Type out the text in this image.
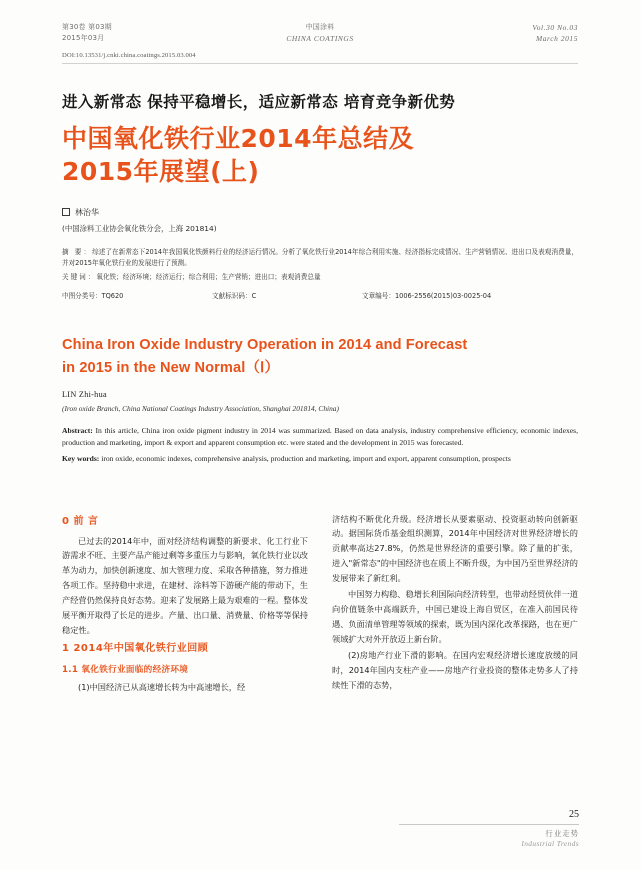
第30卷 第03期
2015年03月
中国涂料
CHINA COATINGS
Vol.30 No.03
March 2015
DOI:10.13531/j.cnki.china.coatings.2015.03.004
进入新常态 保持平稳增长，适应新常态 培育竞争新优势
中国氧化铁行业2014年总结及
2015年展望(上)
林治华
(中国涂料工业协会氧化铁分会，上海 201814)

摘 要：综述了在新常态下2014年我国氧化铁颜料行业的经济运行情况。分析了氧化铁行业2014年综合利用实施、经济指标完成情况、生产营销情况、进出口及表观消费量，并对2015年氧化铁行业的发展进行了预测。

关键词：氧化铁；经济环境；经济运行；综合利用；生产营销；进出口；表观消费总量

中图分类号：TQ620	文献标识码：C	文章编号：1006-2556(2015)03-0025-04
China Iron Oxide Industry Operation in 2014 and Forecast
in 2015 in the New Normal（Ⅰ）
LIN Zhi-hua
(Iron oxide Branch, China National Coatings Industry Association, Shanghai 201814, China)
Abstract: In this article, China iron oxide pigment industry in 2014 was summarized. Based on data analysis, industry comprehensive efficiency, economic indexes, production and marketing, import & export and apparent consumption etc. were stated and the development in 2015 was forecasted.
Key words: iron oxide, economic indexes, comprehensive analysis, production and marketing, import and export, apparent consumption, prospects
0 前 言

已过去的2014年中，面对经济结构调整的新要求、化工行业下游需求不旺、主要产品产能过剩等多重压力与影响，氧化铁行业以改革为动力，加快创新速度、加大管理力度、采取各种措施，努力推进各项工作。坚持稳中求进，在建材、涂料等下游硬产能的带动下，生产经营仍然保持良好态势。迎来了发展路上最为艰难的一程。整体发展平衡开取得了长足的进步。产量、出口量、消费量、价格等等保持稳定性。

1 2014年中国氧化铁行业回顾
1.1 氧化铁行业面临的经济环境

(1)中国经济已从高速增长转为中高速增长，经

济结构不断优化升级。经济增长从要素驱动、投资驱动转向创新驱动。据国际货币基金组织测算，2014年中国经济对世界经济增长的贡献率高达27.8%，仍然是世界经济的重要引擎。除了量的扩张，进入"新常态"的中国经济也在质上不断升级，为中国乃至世界经济的发展带来了新红利。

中国努力构稳、稳增长利国际向经济转型，也带动经贸伙伴一道向价值链条中高端跃升，中国已建设上海自贸区，在准入前国民待遇、负面清单管理等领域的探索，既为国内深化改革探路，也在更广领域扩大对外开放迈上新台阶。

(2)房地产行业下滑的影响。在国内宏观经济增长速度放缓的同时，2014年国内支柱产业——房地产行业投资的整体走势多人了持续性下滑的态势，

25
行业走势
Industrial Trends
